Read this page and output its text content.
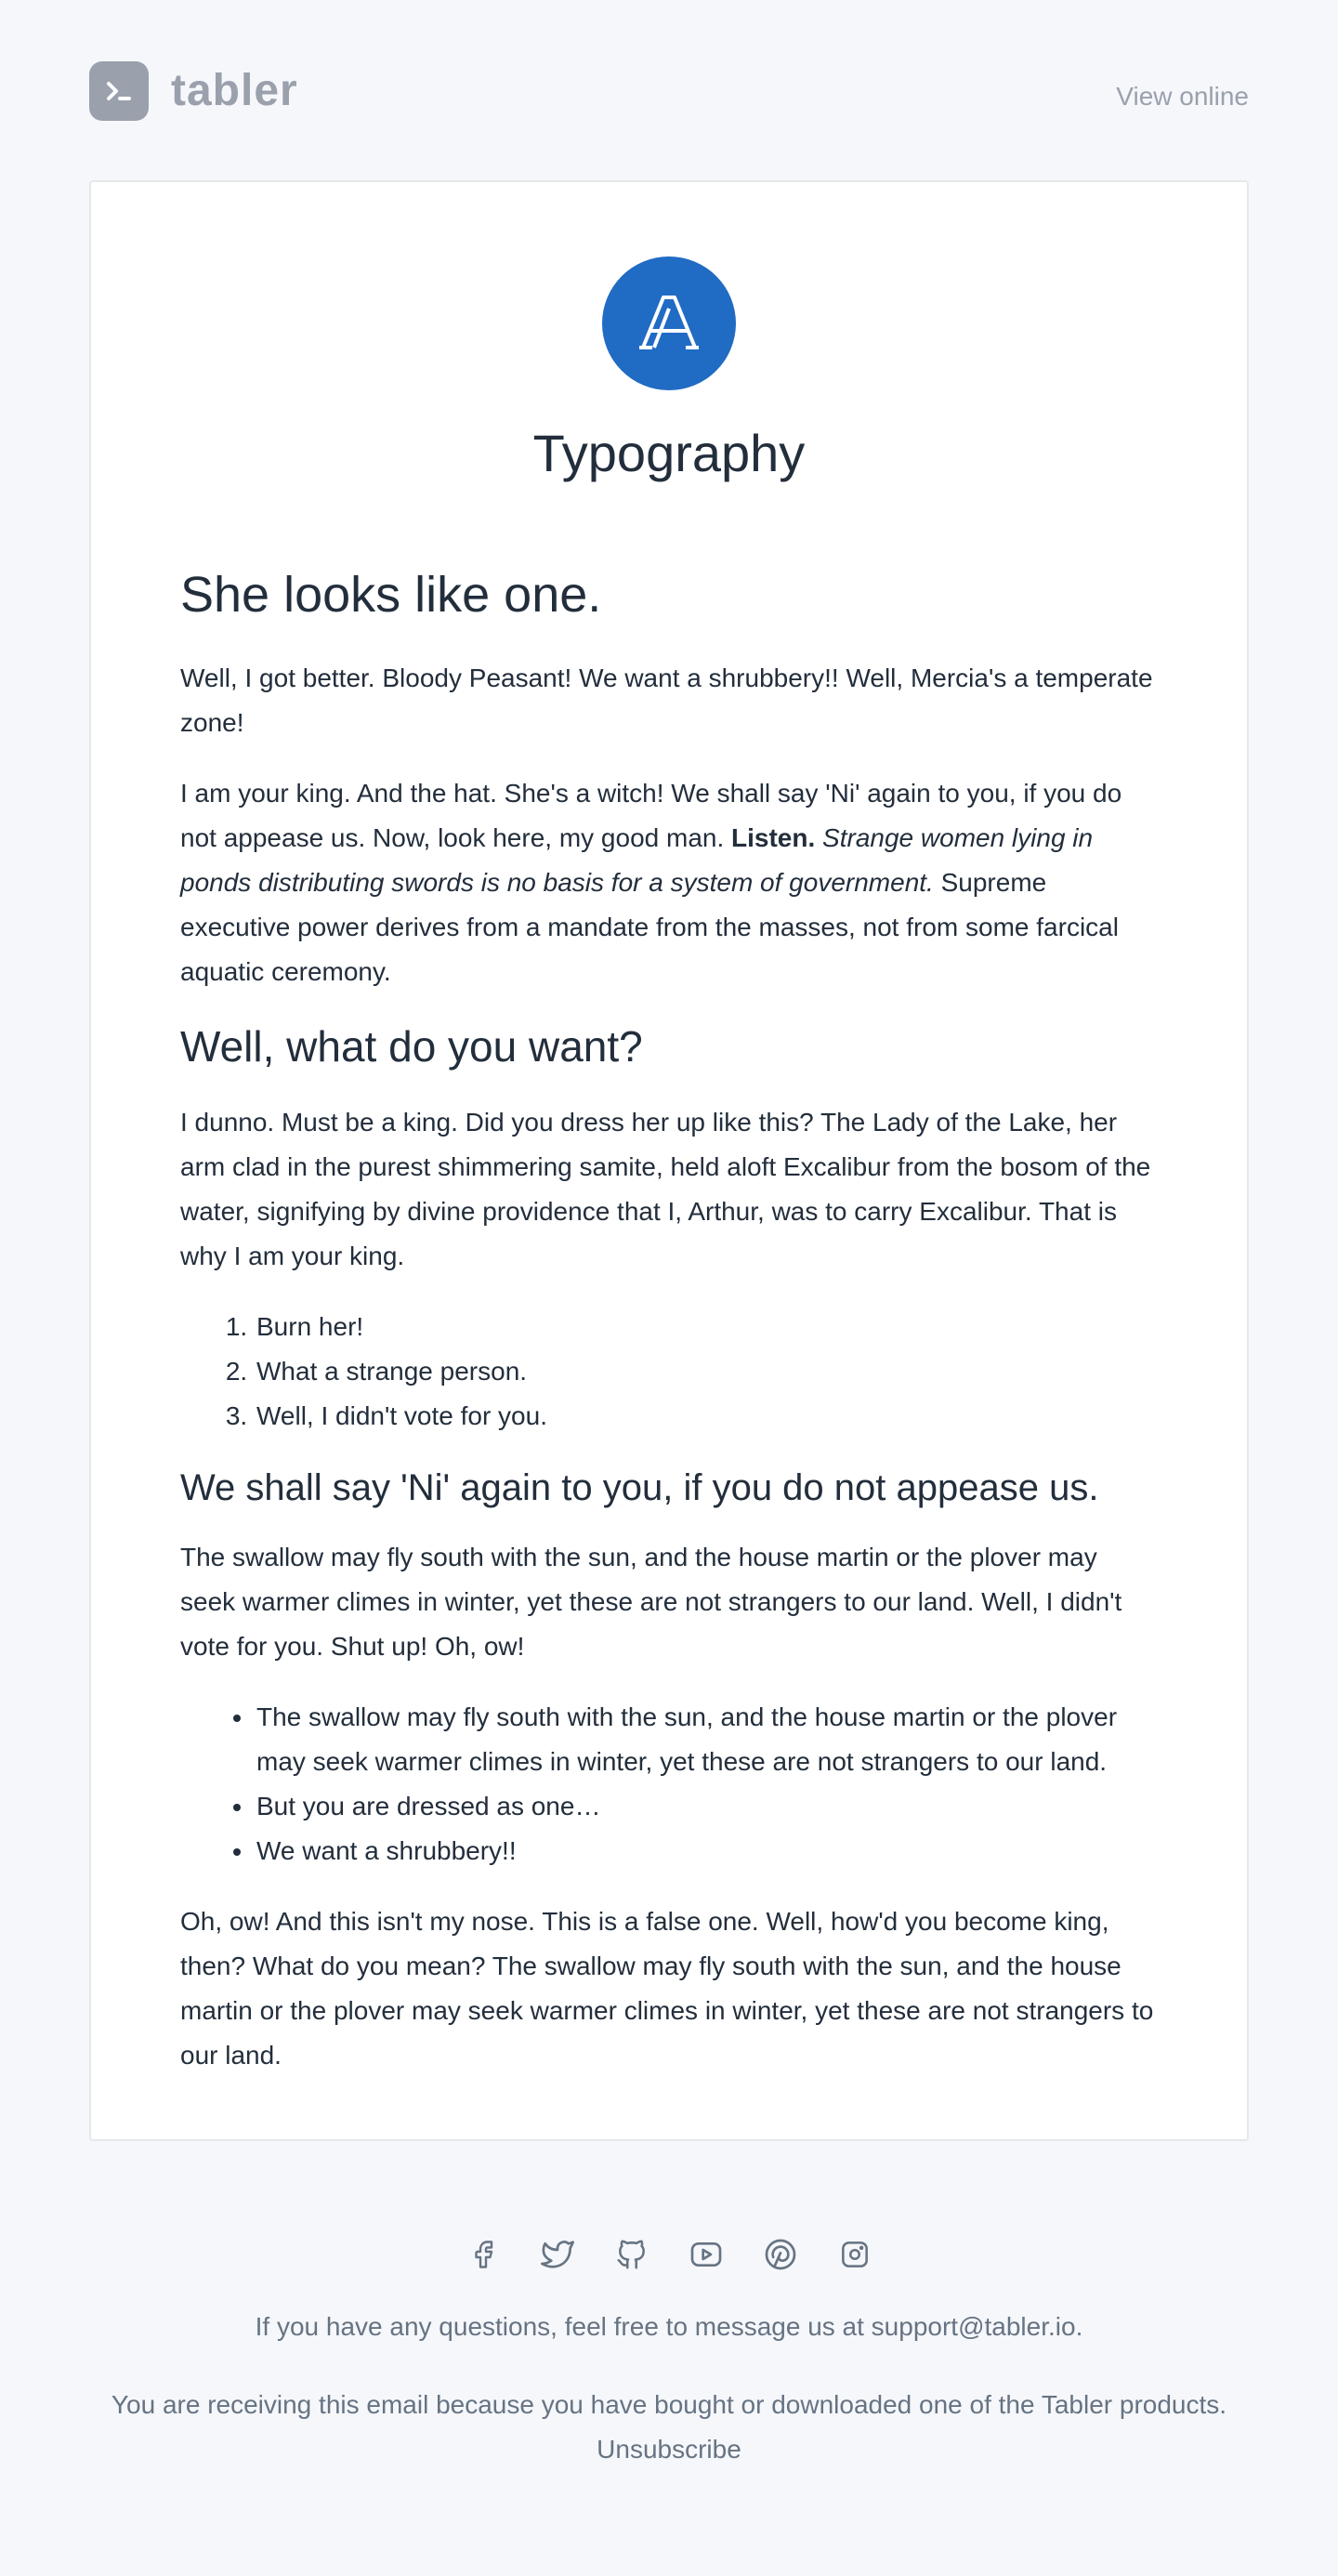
tabler	View online
Typography
She looks like one.

Well, I got better. Bloody Peasant! We want a shrubbery!! Well, Mercia's a temperate zone!

I am your king. And the hat. She's a witch! We shall say 'Ni' again to you, if you do not appease us. Now, look here, my good man. Listen. Strange women lying in ponds distributing swords is no basis for a system of government. Supreme executive power derives from a mandate from the masses, not from some farcical aquatic ceremony.

Well, what do you want?

I dunno. Must be a king. Did you dress her up like this? The Lady of the Lake, her arm clad in the purest shimmering samite, held aloft Excalibur from the bosom of the water, signifying by divine providence that I, Arthur, was to carry Excalibur. That is why I am your king.

1. Burn her!
2. What a strange person.
3. Well, I didn't vote for you.
We shall say 'Ni' again to you, if you do not appease us.

The swallow may fly south with the sun, and the house martin or the plover may seek warmer climes in winter, yet these are not strangers to our land. Well, I didn't vote for you. Shut up! Oh, ow!

• The swallow may fly south with the sun, and the house martin or the plover may seek warmer climes in winter, yet these are not strangers to our land.
• But you are dressed as one…
• We want a shrubbery!!

Oh, ow! And this isn't my nose. This is a false one. Well, how'd you become king, then? What do you mean? The swallow may fly south with the sun, and the house martin or the plover may seek warmer climes in winter, yet these are not strangers to our land.

If you have any questions, feel free to message us at support@tabler.io.

You are receiving this email because you have bought or downloaded one of the Tabler products.

Unsubscribe
